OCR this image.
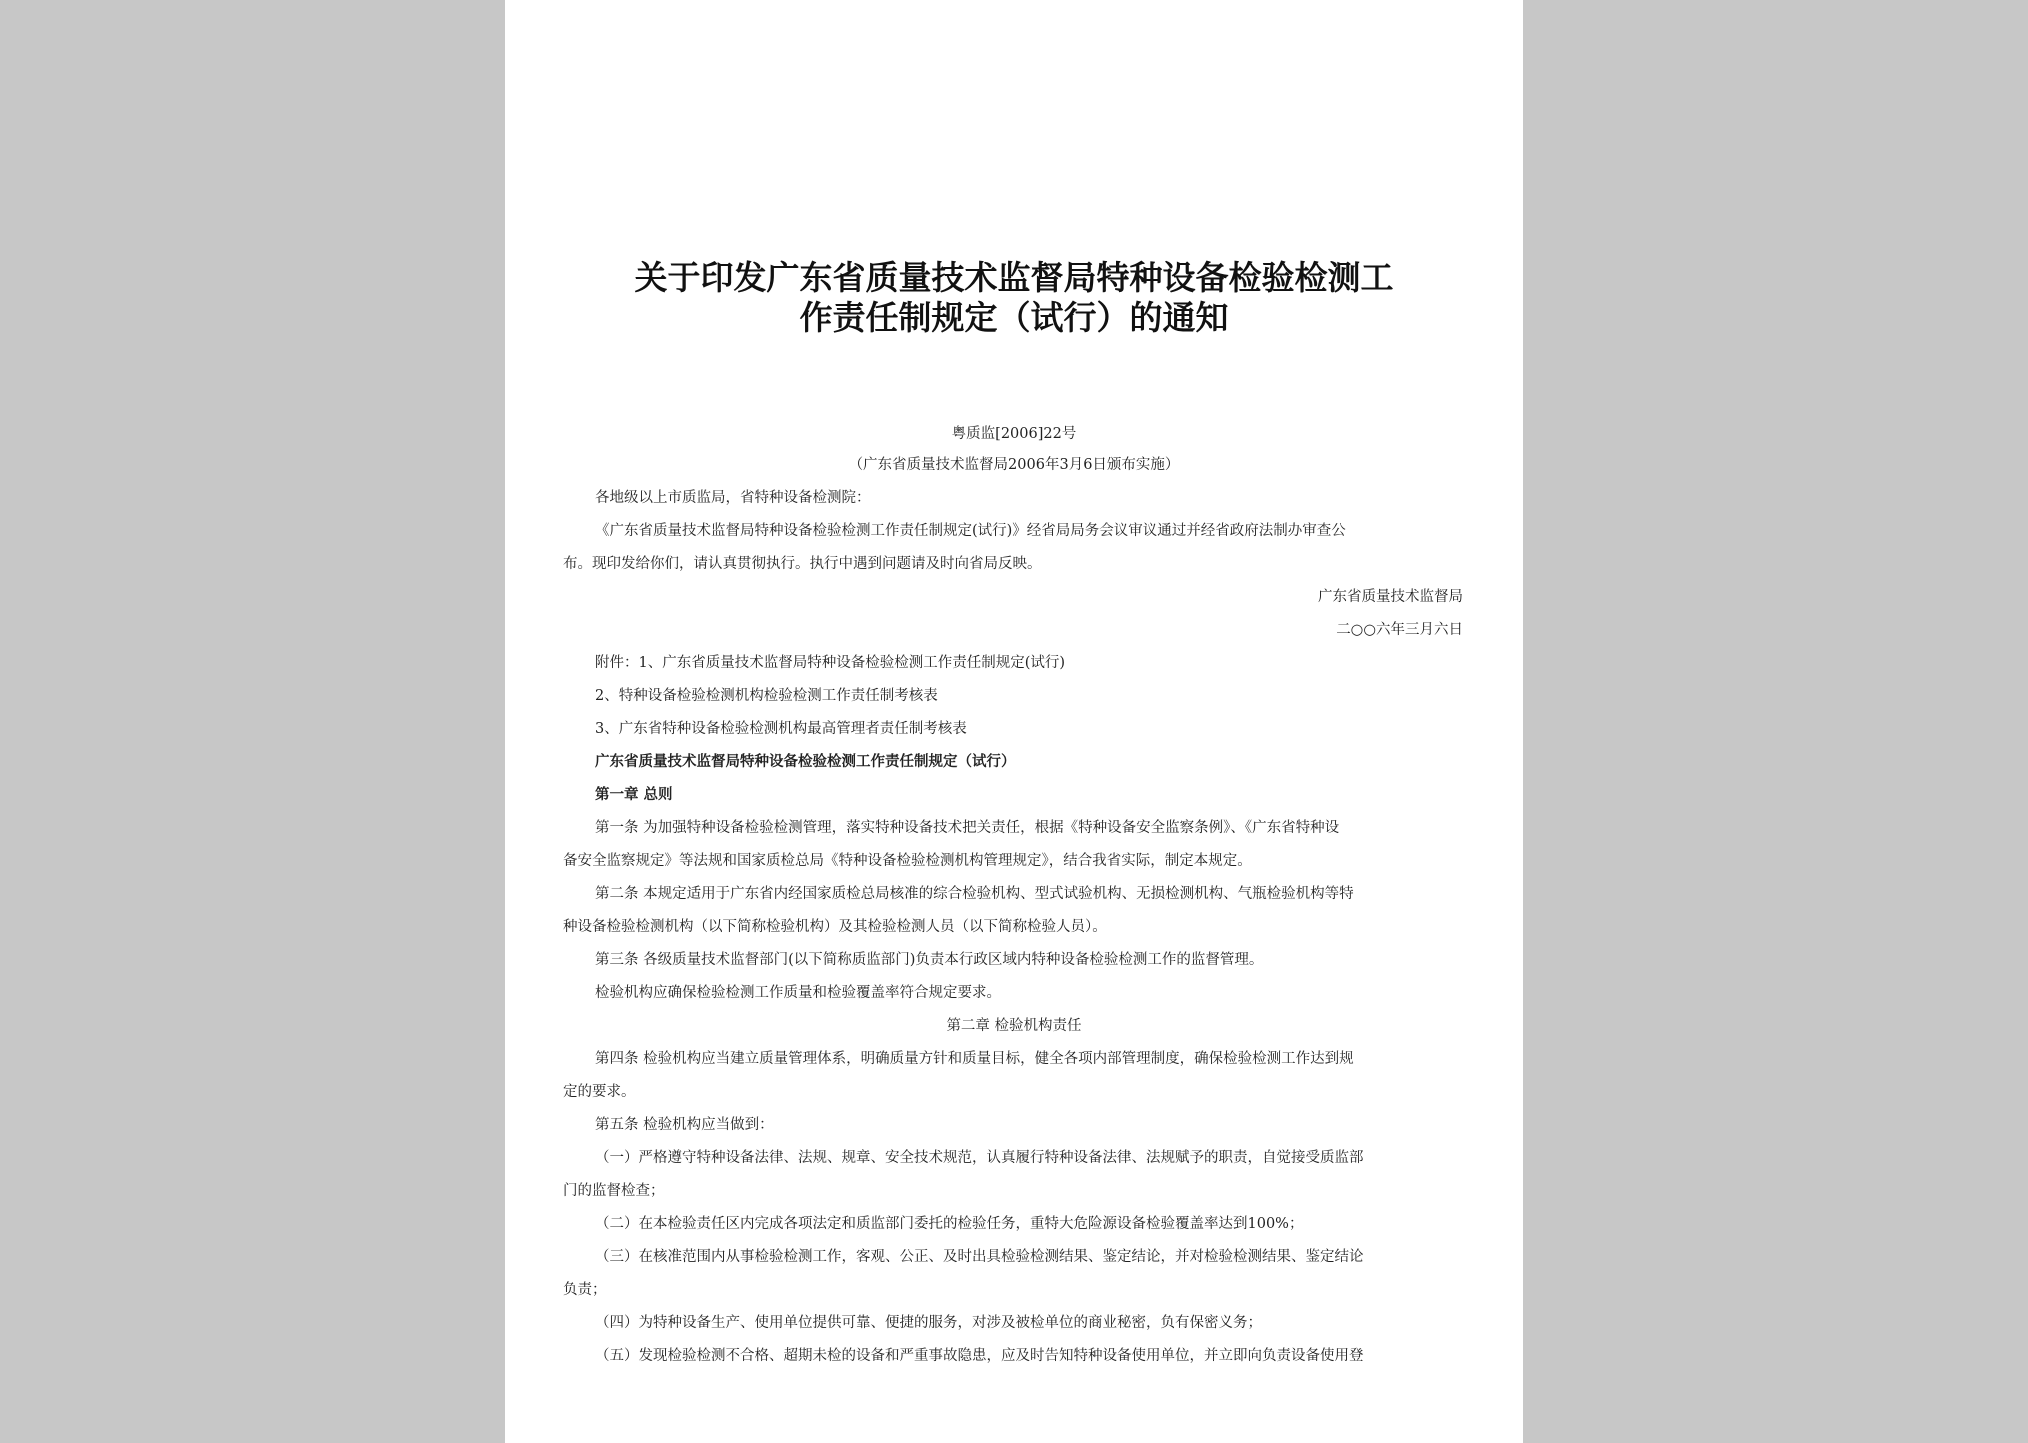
关于印发广东省质量技术监督局特种设备检验检测工
作责任制规定（试行）的通知
粤质监[2006]22号
（广东省质量技术监督局2006年3月6日颁布实施）
各地级以上市质监局，省特种设备检测院：
《广东省质量技术监督局特种设备检验检测工作责任制规定(试行)》经省局局务会议审议通过并经省政府法制办审查公
布。现印发给你们，请认真贯彻执行。执行中遇到问题请及时向省局反映。
广东省质量技术监督局
二○○六年三月六日
附件：1、广东省质量技术监督局特种设备检验检测工作责任制规定(试行)
2、特种设备检验检测机构检验检测工作责任制考核表
3、广东省特种设备检验检测机构最高管理者责任制考核表
广东省质量技术监督局特种设备检验检测工作责任制规定（试行）
第一章 总则
第一条 为加强特种设备检验检测管理，落实特种设备技术把关责任，根据《特种设备安全监察条例》、《广东省特种设
备安全监察规定》等法规和国家质检总局《特种设备检验检测机构管理规定》，结合我省实际，制定本规定。
第二条 本规定适用于广东省内经国家质检总局核准的综合检验机构、型式试验机构、无损检测机构、气瓶检验机构等特
种设备检验检测机构（以下简称检验机构）及其检验检测人员（以下简称检验人员）。
第三条 各级质量技术监督部门(以下简称质监部门)负责本行政区域内特种设备检验检测工作的监督管理。
检验机构应确保检验检测工作质量和检验覆盖率符合规定要求。
第二章 检验机构责任
第四条 检验机构应当建立质量管理体系，明确质量方针和质量目标，健全各项内部管理制度，确保检验检测工作达到规
定的要求。
第五条 检验机构应当做到：
（一）严格遵守特种设备法律、法规、规章、安全技术规范，认真履行特种设备法律、法规赋予的职责，自觉接受质监部
门的监督检查；
（二）在本检验责任区内完成各项法定和质监部门委托的检验任务，重特大危险源设备检验覆盖率达到100%；
（三）在核准范围内从事检验检测工作，客观、公正、及时出具检验检测结果、鉴定结论，并对检验检测结果、鉴定结论
负责；
（四）为特种设备生产、使用单位提供可靠、便捷的服务，对涉及被检单位的商业秘密，负有保密义务；
（五）发现检验检测不合格、超期未检的设备和严重事故隐患，应及时告知特种设备使用单位，并立即向负责设备使用登
